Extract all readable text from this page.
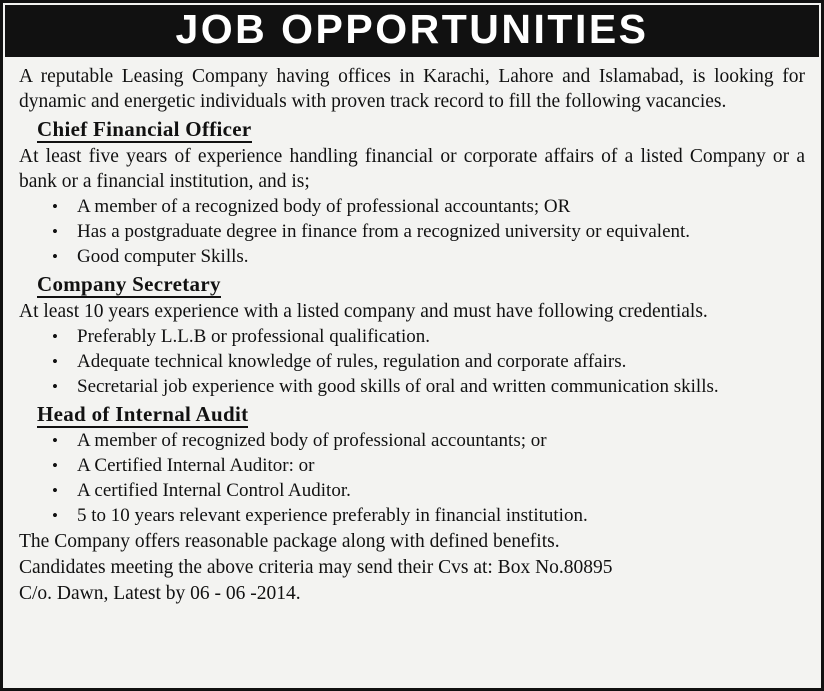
JOB OPPORTUNITIES

A reputable Leasing Company having offices in Karachi, Lahore and Islamabad, is looking for dynamic and energetic individuals with proven track record to fill the following vacancies.

Chief Financial Officer

At least five years of experience handling financial or corporate affairs of a listed Company or a bank or a financial institution, and is;

• A member of a recognized body of professional accountants; OR
• Has a postgraduate degree in finance from a recognized university or equivalent.
• Good computer Skills.
Company Secretary

At least 10 years experience with a listed company and must have following credentials.

• Preferably L.L.B or professional qualification.
• Adequate technical knowledge of rules, regulation and corporate affairs.
• Secretarial job experience with good skills of oral and written communication skills.
Head of Internal Audit
• A member of recognized body of professional accountants; or
• A Certified Internal Auditor: or
• A certified Internal Control Auditor.
• 5 to 10 years relevant experience preferably in financial institution.

The Company offers reasonable package along with defined benefits.

Candidates meeting the above criteria may send their Cvs at: Box No.80895

C/o. Dawn, Latest by 06 - 06 -2014.
